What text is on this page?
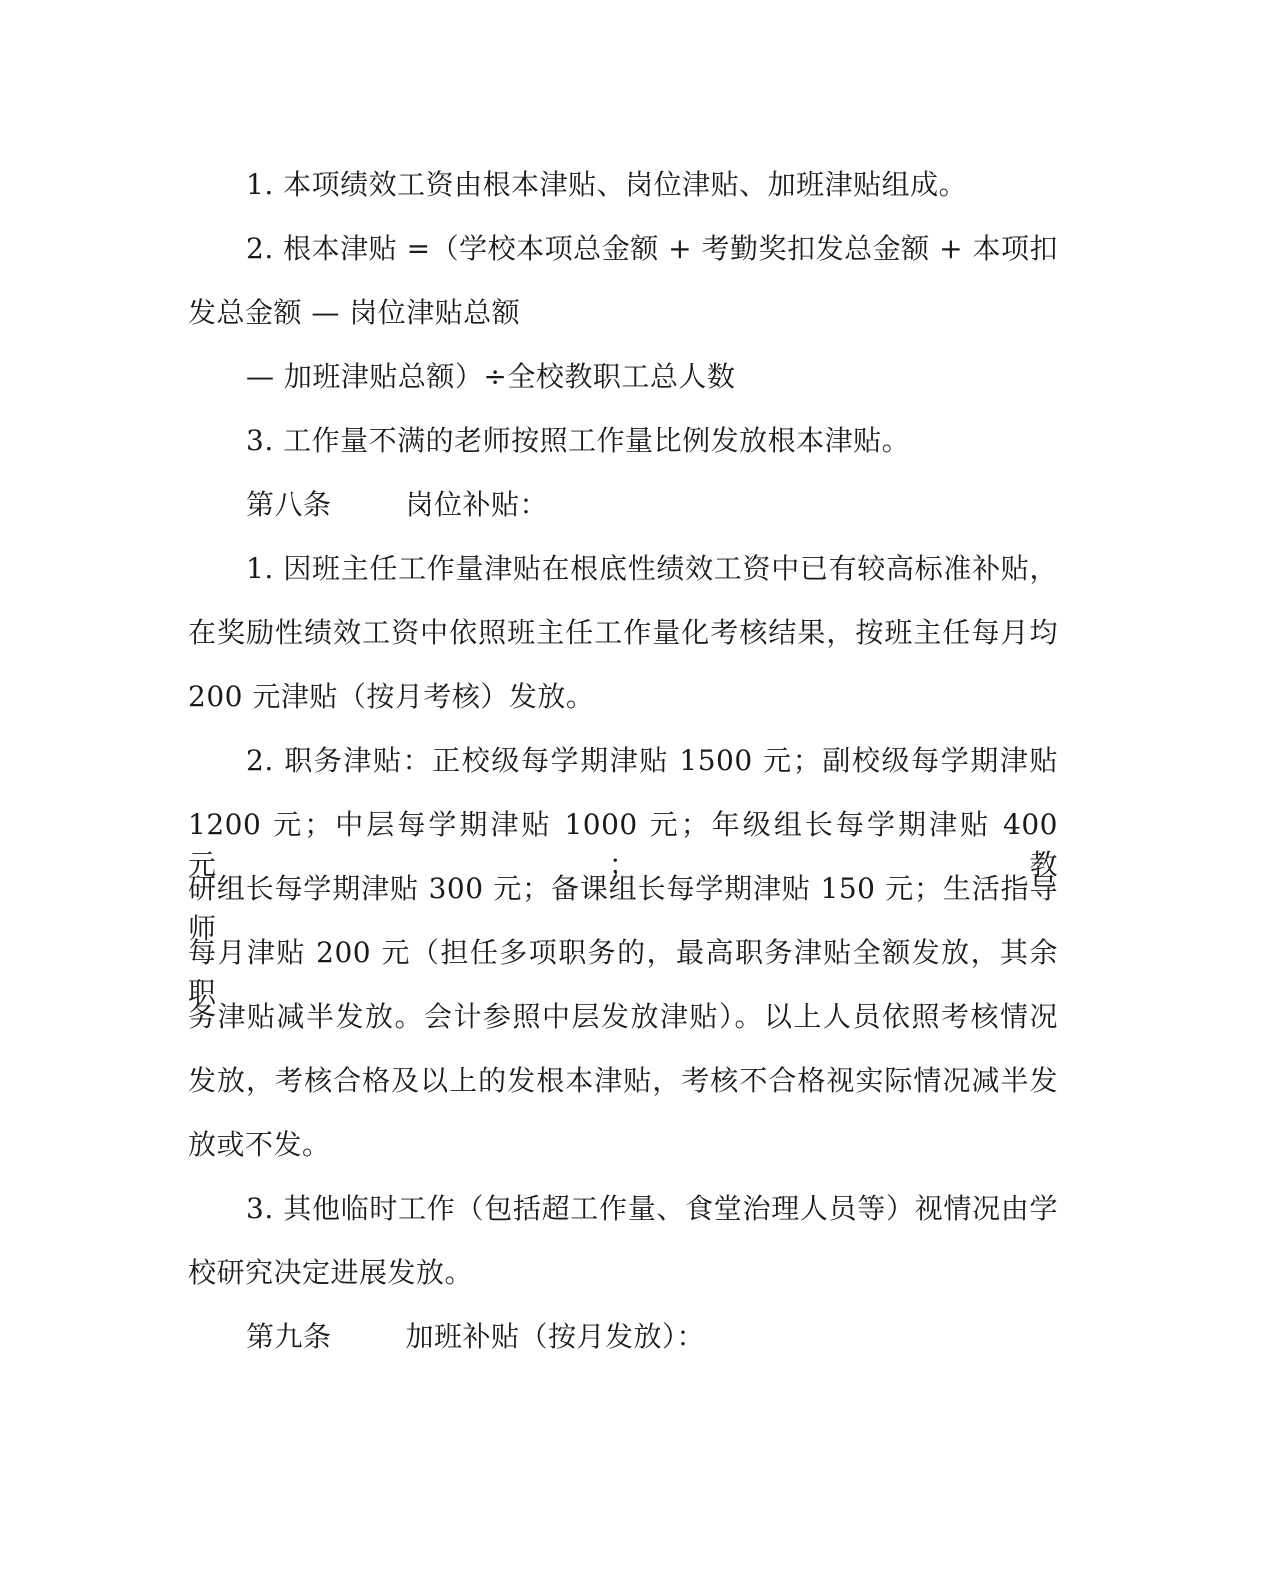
1. 本项绩效工资由根本津贴、岗位津贴、加班津贴组成。
2. 根本津贴 =（学校本项总金额 + 考勤奖扣发总金额 + 本项扣
发总金额 — 岗位津贴总额
— 加班津贴总额）÷全校教职工总人数
3. 工作量不满的老师按照工作量比例发放根本津贴。
第八条	岗位补贴：
1. 因班主任工作量津贴在根底性绩效工资中已有较高标准补贴，
在奖励性绩效工资中依照班主任工作量化考核结果，按班主任每月均
200 元津贴（按月考核）发放。
2. 职务津贴：正校级每学期津贴 1500 元；副校级每学期津贴
1200 元；中层每学期津贴 1000 元；年级组长每学期津贴 400 元；教
研组长每学期津贴 300 元；备课组长每学期津贴 150 元；生活指导师
每月津贴 200 元（担任多项职务的，最高职务津贴全额发放，其余职
务津贴减半发放。会计参照中层发放津贴）。以上人员依照考核情况
发放，考核合格及以上的发根本津贴，考核不合格视实际情况减半发
放或不发。
3. 其他临时工作（包括超工作量、食堂治理人员等）视情况由学
校研究决定进展发放。
第九条	加班补贴（按月发放）：
